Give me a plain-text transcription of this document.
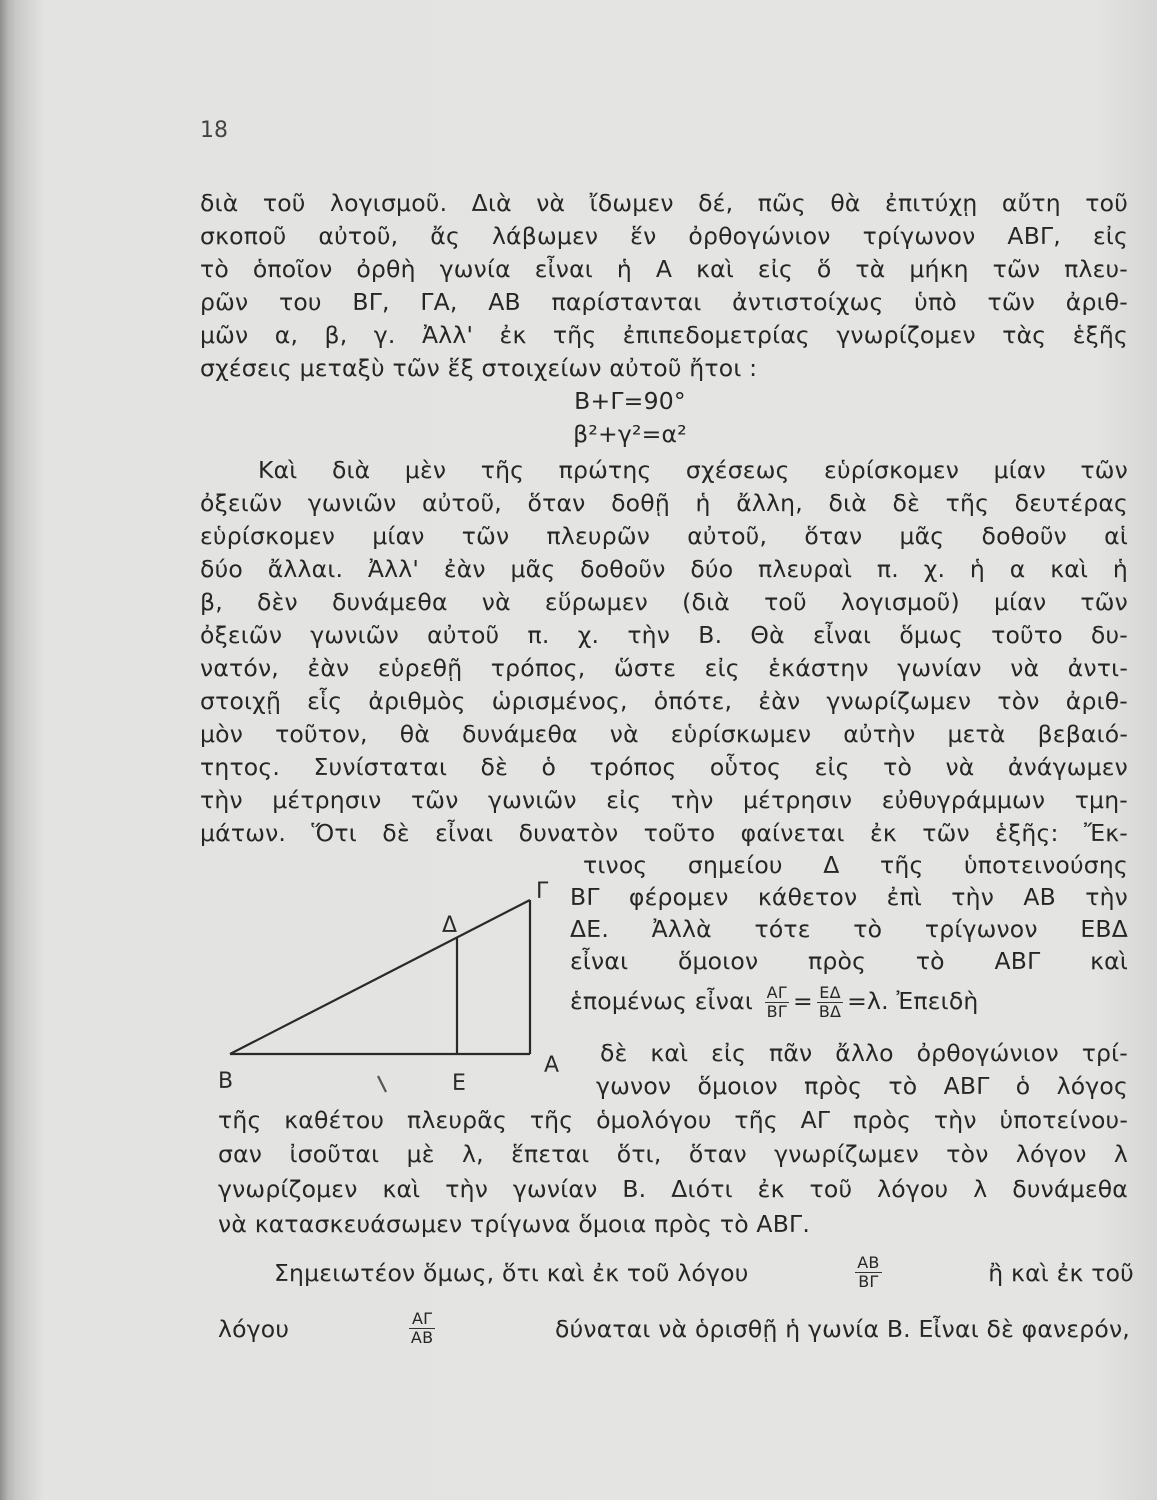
18
διὰ τοῦ λογισμοῦ. Διὰ νὰ ἴδωμεν δέ, πῶς θὰ ἐπιτύχῃ αὔτη τοῦ
σκοποῦ αὐτοῦ, ἄς λάβωμεν ἕν ὀρθογώνιον τρίγωνον ΑΒΓ, εἰς
τὸ ὁποῖον ὀρθὴ γωνία εἶναι ἡ Α καὶ εἰς ὅ τὰ μήκη τῶν πλευ-
ρῶν του ΒΓ, ΓΑ, ΑΒ παρίστανται ἀντιστοίχως ὑπὸ τῶν ἀριθ-
μῶν α, β, γ. Ἀλλ' ἐκ τῆς ἐπιπεδομετρίας γνωρίζομεν τὰς ἑξῆς
σχέσεις μεταξὺ τῶν ἕξ στοιχείων αὐτοῦ ἤτοι :
Β+Γ=90°
β²+γ²=α²
Καὶ διὰ μὲν τῆς πρώτης σχέσεως εὑρίσκομεν μίαν τῶν
ὀξειῶν γωνιῶν αὐτοῦ, ὅταν δοθῇ ἡ ἄλλη, διὰ δὲ τῆς δευτέρας
εὑρίσκομεν μίαν τῶν πλευρῶν αὐτοῦ, ὅταν μᾶς δοθοῦν αἱ
δύο ἄλλαι. Ἀλλ' ἐὰν μᾶς δοθοῦν δύο πλευραὶ π. χ. ἡ α καὶ ἡ
β, δὲν δυνάμεθα νὰ εὕρωμεν (διὰ τοῦ λογισμοῦ) μίαν τῶν
ὀξειῶν γωνιῶν αὐτοῦ π. χ. τὴν Β. Θὰ εἶναι ὅμως τοῦτο δυ-
νατόν, ἐὰν εὑρεθῇ τρόπος, ὥστε εἰς ἑκάστην γωνίαν νὰ ἀντι-
στοιχῇ εἷς ἀριθμὸς ὡρισμένος, ὁπότε, ἐὰν γνωρίζωμεν τὸν ἀριθ-
μὸν τοῦτον, θὰ δυνάμεθα νὰ εὑρίσκωμεν αὐτὴν μετὰ βεβαιό-
τητος. Συνίσταται δὲ ὁ τρόπος οὗτος εἰς τὸ νὰ ἀνάγωμεν
τὴν μέτρησιν τῶν γωνιῶν εἰς τὴν μέτρησιν εὐθυγράμμων τμη-
μάτων. Ὅτι δὲ εἶναι δυνατὸν τοῦτο φαίνεται ἐκ τῶν ἑξῆς: Ἔκ-
τινος σημείου Δ τῆς ὑποτεινούσης
ΒΓ φέρομεν κάθετον ἐπὶ τὴν ΑΒ τὴν
ΔΕ. Ἀλλὰ τότε τὸ τρίγωνον ΕΒΔ
εἶναι ὅμοιον πρὸς τὸ ΑΒΓ καὶ
ἑπομένως εἶναι $\frac{A\Gamma}{B\Gamma} = \frac{E\Delta}{B\Delta} =\lambda$. Ἐπειδὴ
δὲ καὶ εἰς πᾶν ἄλλο ὀρθογώνιον τρί-
γωνον ὅμοιον πρὸς τὸ ΑΒΓ ὁ λόγος
Β
Γ
Δ
Ε
Α
τῆς καθέτου πλευρᾶς τῆς ὁμολόγου τῆς ΑΓ πρὸς τὴν ὑποτείνου-
σαν ἰσοῦται μὲ λ, ἕπεται ὅτι, ὅταν γνωρίζωμεν τὸν λόγον λ
γνωρίζομεν καὶ τὴν γωνίαν Β. Διότι ἐκ τοῦ λόγου λ δυνάμεθα
νὰ κατασκευάσωμεν τρίγωνα ὅμοια πρὸς τὸ ΑΒΓ.
Σημειωτέον ὅμως, ὅτι καὶ ἐκ τοῦ λόγου	$\frac{AB}{B\Gamma}$	ἢ καὶ ἐκ τοῦ
λόγου	$\frac{A\Gamma}{AB}$	δύναται νὰ ὁρισθῇ ἡ γωνία Β. Εἶναι δὲ φανερόν,
